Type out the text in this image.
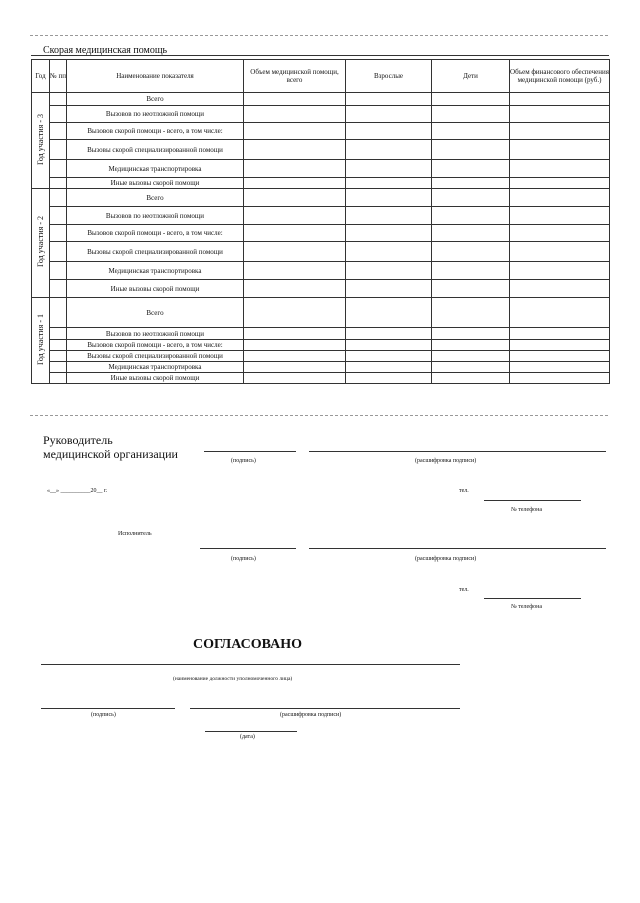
Скорая медицинская помощь
Год	№ пп	Наименование показателя	Объем медицинской помощи, всего	Взрослые	Дети	Объем финансового обеспечения медицинской помощи (руб.)
Год участия - 3		Всего				
		Вызовов по неотложной помощи				
		Вызовов скорой помощи - всего, в том числе:				
		Вызовы скорой специализированной помощи				
		Медицинская транспортировка				
		Иные вызовы скорой помощи				
Год участия - 2		Всего				
		Вызовов по неотложной помощи				
		Вызовов скорой помощи - всего, в том числе:				
		Вызовы скорой специализированной помощи				
		Медицинская транспортировка				
		Иные вызовы скорой помощи				
Год участия - 1		Всего				
		Вызовов по неотложной помощи				
		Вызовов скорой помощи - всего, в том числе:				
		Вызовы скорой специализированной помощи				
		Медицинская транспортировка				
		Иные вызовы скорой помощи				
Руководитель
медицинской организации	(подпись)	(расшифровка подписи)
«__» __________20__ г.	тел.
№ телефона
Исполнитель
(подпись)	(расшифровка подписи)
тел.
№ телефона
СОГЛАСОВАНО
(наименование должности уполномоченного лица)
(подпись)	(расшифровка подписи)
(дата)
